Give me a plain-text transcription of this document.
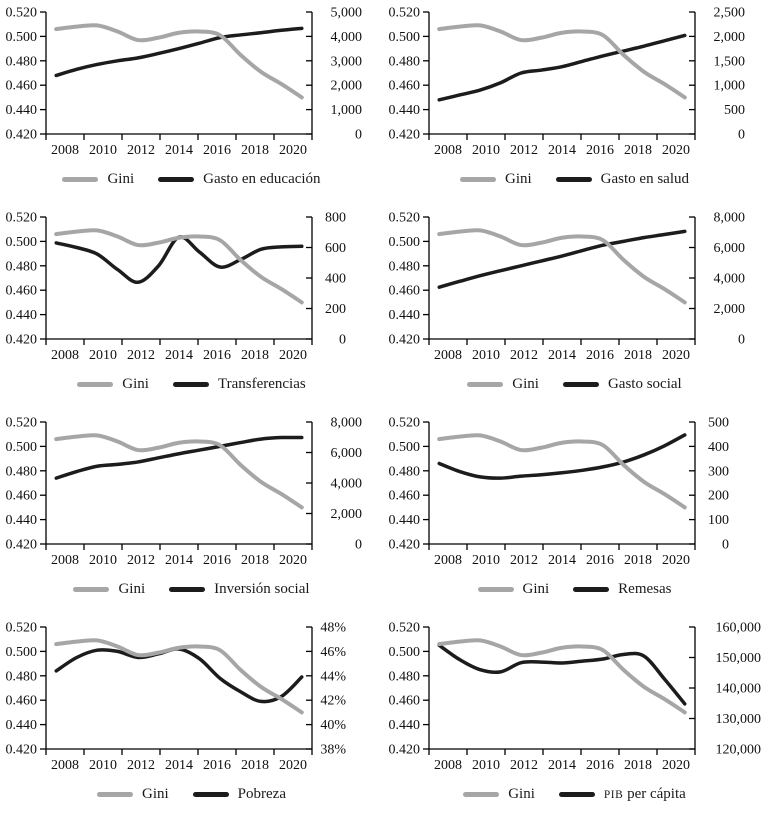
0.520
0.500
0.480
0.460
0.440
0.420
5,000
4,000
3,000
2,000
1,000
0
2008 2010 2012 2014 2016 2018 2020
Gini	Gasto en educación
0.520
0.500
0.480
0.460
0.440
0.420
2,500
2,000
1,500
1,000
500
0
2008 2010 2012 2014 2016 2018 2020
Gini	Gasto en salud
0.520
0.500
0.480
0.460
0.440
0.420
800
600
400
200
0
2008 2010 2012 2014 2016 2018 2020
Gini	Transferencias
0.520
0.500
0.480
0.460
0.440
0.420
8,000
6,000
4,000
2,000
0
2008 2010 2012 2014 2016 2018 2020
Gini	Gasto social
0.520
0.500
0.480
0.460
0.440
0.420
8,000
6,000
4,000
2,000
0
2008 2010 2012 2014 2016 2018 2020
Gini	Inversión social
0.520
0.500
0.480
0.460
0.440
0.420
500
400
300
200
100
0
2008 2010 2012 2014 2016 2018 2020
Gini	Remesas
0.520
0.500
0.480
0.460
0.440
0.420
48%
46%
44%
42%
40%
38%
2008 2010 2012 2014 2016 2018 2020
Gini	Pobreza
0.520
0.500
0.480
0.460
0.440
0.420
160,000
150,000
140,000
130,000
120,000
2008 2010 2012 2014 2016 2018 2020
Gini	PIB per cápita
